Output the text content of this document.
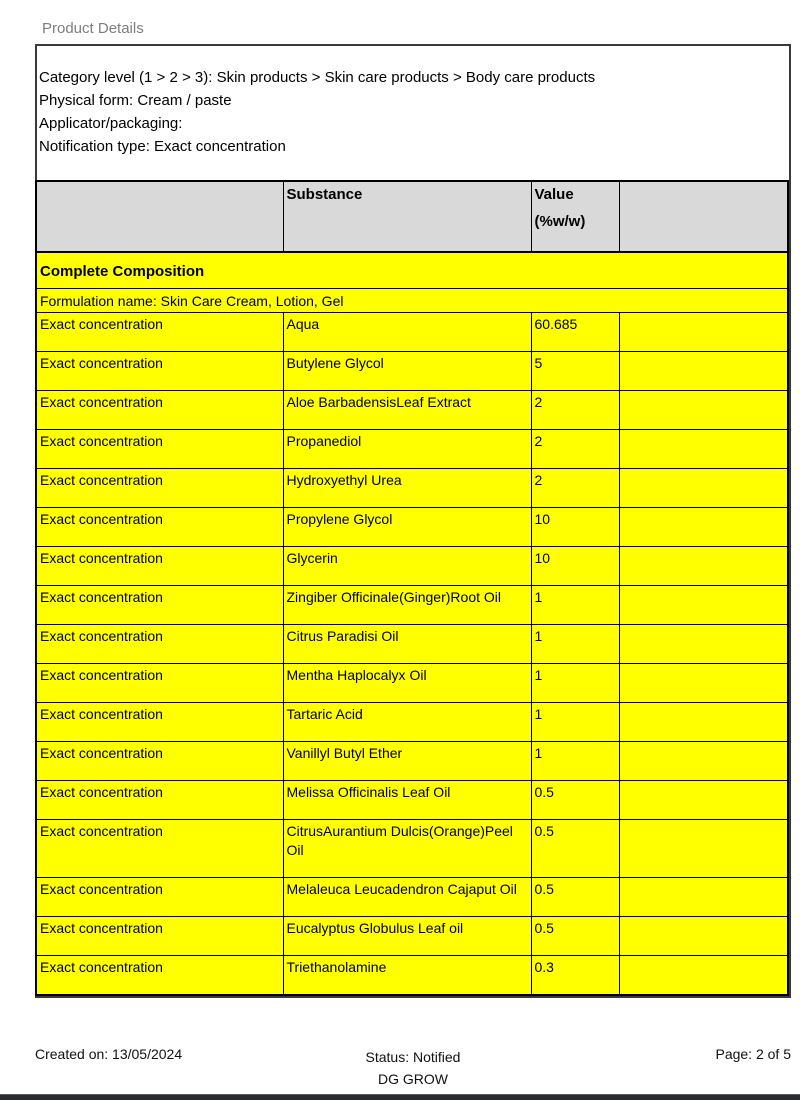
Product Details
Category level (1 > 2 > 3): Skin products > Skin care products > Body care products
Physical form: Cream / paste
Applicator/packaging:
Notification type: Exact concentration
	Substance	Value
(%w/w)	

Complete Composition			
Formulation name: Skin Care Cream, Lotion, Gel			
Exact concentration	Aqua	60.685	
Exact concentration	Butylene Glycol	5	
Exact concentration	Aloe BarbadensisLeaf Extract	2	
Exact concentration	Propanediol	2	
Exact concentration	Hydroxyethyl Urea	2	
Exact concentration	Propylene Glycol	10	
Exact concentration	Glycerin	10	
Exact concentration	Zingiber Officinale(Ginger)Root Oil	1	
Exact concentration	Citrus Paradisi Oil	1	
Exact concentration	Mentha Haplocalyx Oil	1	
Exact concentration	Tartaric Acid	1	
Exact concentration	Vanillyl Butyl Ether	1	
Exact concentration	Melissa Officinalis Leaf Oil	0.5	
Exact concentration	CitrusAurantium Dulcis(Orange)Peel Oil	0.5	
Exact concentration	Melaleuca Leucadendron Cajaput Oil	0.5	
Exact concentration	Eucalyptus Globulus Leaf oil	0.5	
Exact concentration	Triethanolamine	0.3	
Created on: 13/05/2024	Status: Notified
DG GROW
Page: 2 of 5
